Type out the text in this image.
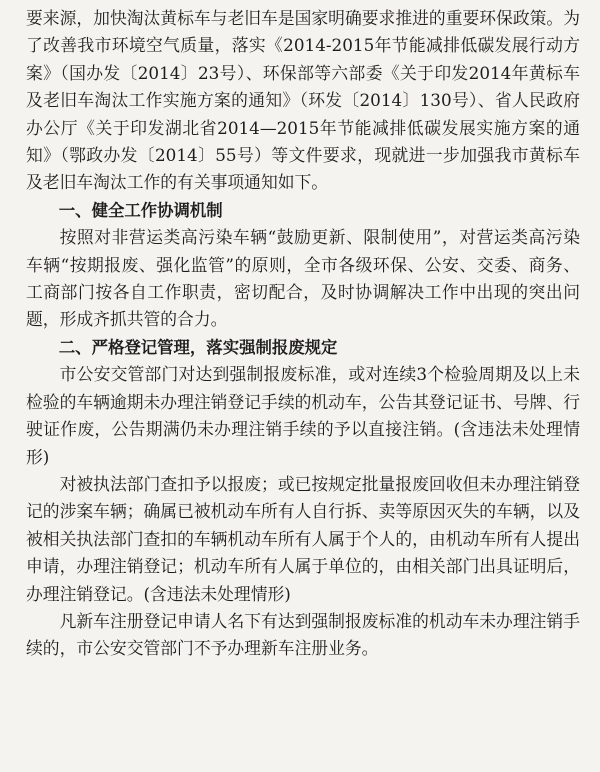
要来源，加快淘汰黄标车与老旧车是国家明确要求推进的重要环保政策。为了改善我市环境空气质量，落实《2014-2015年节能减排低碳发展行动方案》（国办发〔2014〕23号）、环保部等六部委《关于印发2014年黄标车及老旧车淘汰工作实施方案的通知》（环发〔2014〕130号）、省人民政府办公厅《关于印发湖北省2014—2015年节能减排低碳发展实施方案的通知》（鄂政办发〔2014〕55号）等文件要求，现就进一步加强我市黄标车及老旧车淘汰工作的有关事项通知如下。

一、健全工作协调机制

按照对非营运类高污染车辆“鼓励更新、限制使用”，对营运类高污染车辆“按期报废、强化监管”的原则，全市各级环保、公安、交委、商务、工商部门按各自工作职责，密切配合，及时协调解决工作中出现的突出问题，形成齐抓共管的合力。

二、严格登记管理，落实强制报废规定

市公安交管部门对达到强制报废标准，或对连续3个检验周期及以上未检验的车辆逾期未办理注销登记手续的机动车，公告其登记证书、号牌、行驶证作废，公告期满仍未办理注销手续的予以直接注销。(含违法未处理情形)

对被执法部门查扣予以报废；或已按规定批量报废回收但未办理注销登记的涉案车辆；确属已被机动车所有人自行拆、卖等原因灭失的车辆，以及被相关执法部门查扣的车辆机动车所有人属于个人的，由机动车所有人提出申请，办理注销登记；机动车所有人属于单位的，由相关部门出具证明后，办理注销登记。(含违法未处理情形)

凡新车注册登记申请人名下有达到强制报废标准的机动车未办理注销手续的，市公安交管部门不予办理新车注册业务。
